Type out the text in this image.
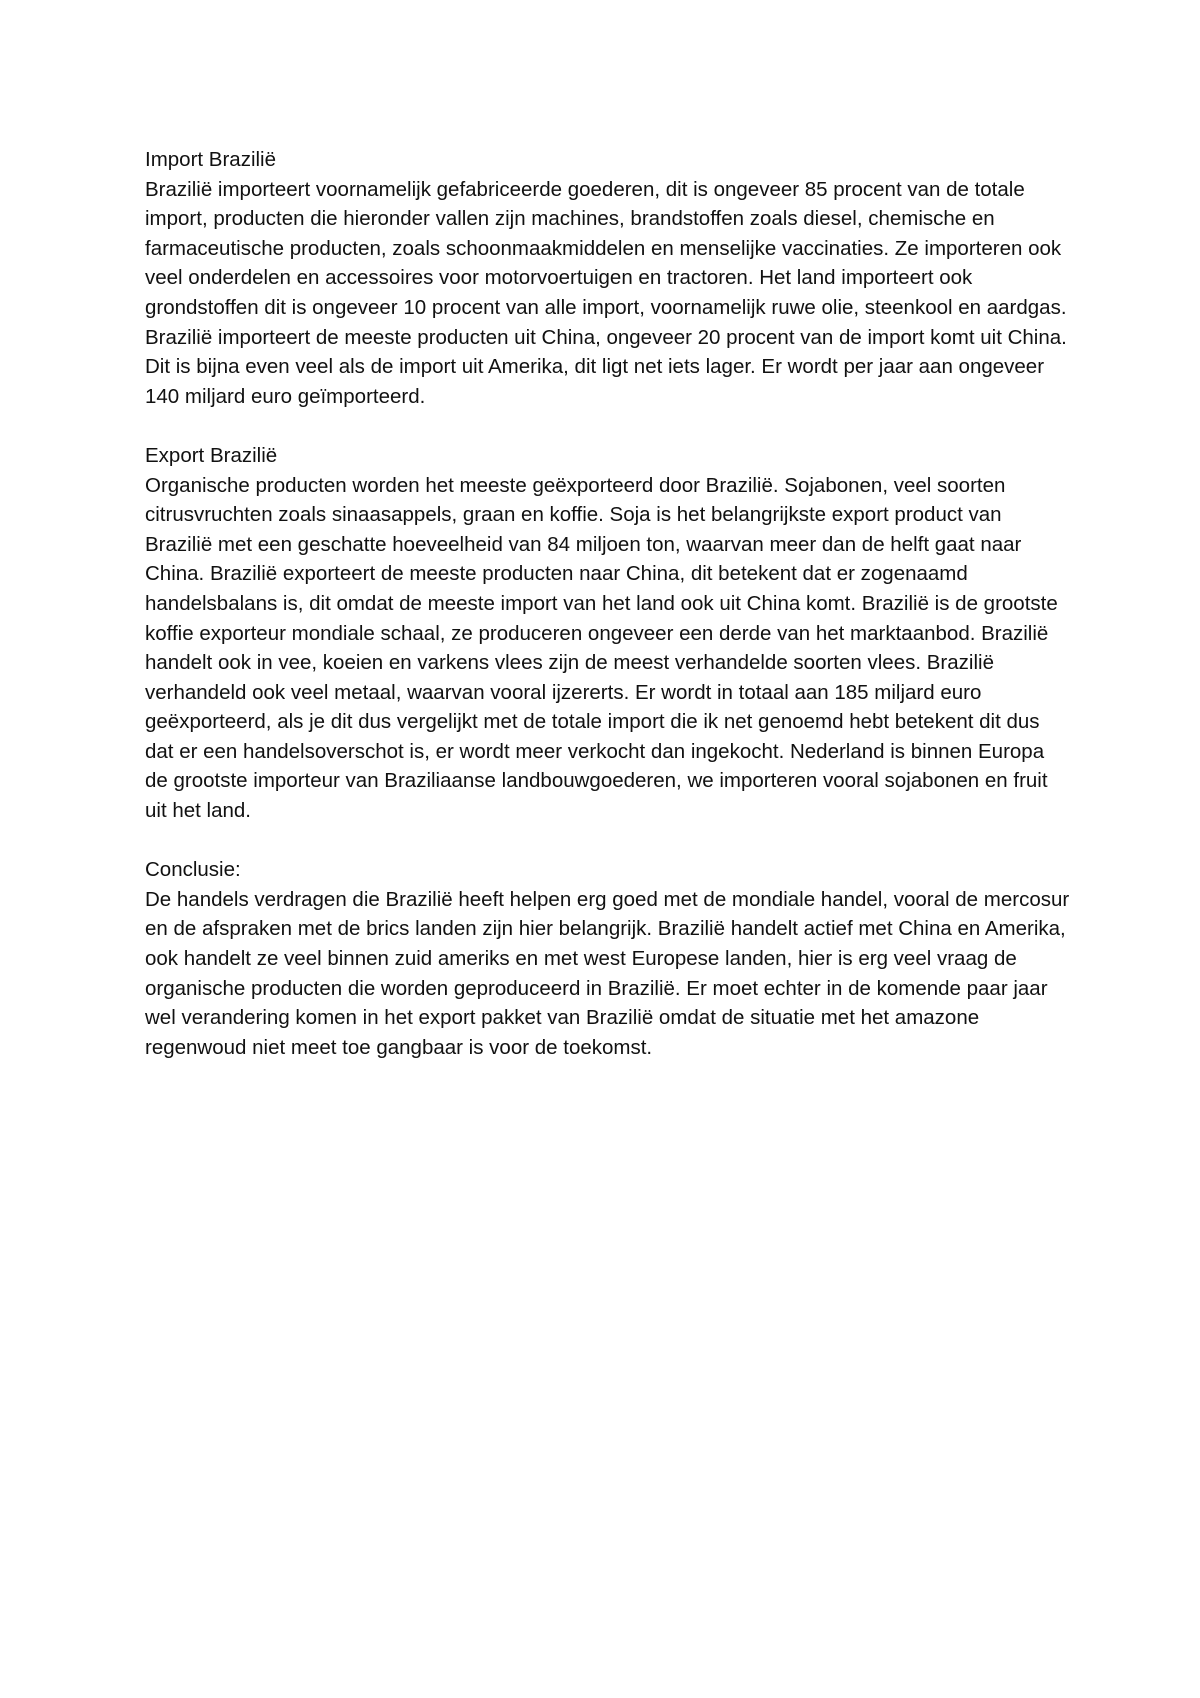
Import Brazilië
Brazilië importeert voornamelijk gefabriceerde goederen, dit is ongeveer 85 procent van de totale import, producten die hieronder vallen zijn machines, brandstoffen zoals diesel, chemische en farmaceutische producten, zoals schoonmaakmiddelen en menselijke vaccinaties. Ze importeren ook veel onderdelen en accessoires voor motorvoertuigen en tractoren. Het land importeert ook grondstoffen dit is ongeveer 10 procent van alle import, voornamelijk ruwe olie, steenkool en aardgas. Brazilië importeert de meeste producten uit China, ongeveer 20 procent van de import komt uit China. Dit is bijna even veel als de import uit Amerika, dit ligt net iets lager. Er wordt per jaar aan ongeveer 140 miljard euro geïmporteerd.
Export Brazilië
Organische producten worden het meeste geëxporteerd door Brazilië. Sojabonen, veel soorten citrusvruchten zoals sinaasappels, graan en koffie. Soja is het belangrijkste export product van Brazilië met een geschatte hoeveelheid van 84 miljoen ton, waarvan meer dan de helft gaat naar China. Brazilië exporteert de meeste producten naar China, dit betekent dat er zogenaamd handelsbalans is, dit omdat de meeste import van het land ook uit China komt. Brazilië is de grootste koffie exporteur mondiale schaal, ze produceren ongeveer een derde van het marktaanbod. Brazilië handelt ook in vee, koeien en varkens vlees zijn de meest verhandelde soorten vlees. Brazilië verhandeld ook veel metaal, waarvan vooral ijzererts. Er wordt in totaal aan 185 miljard euro geëxporteerd, als je dit dus vergelijkt met de totale import die ik net genoemd hebt betekent dit dus dat er een handelsoverschot is, er wordt meer verkocht dan ingekocht. Nederland is binnen Europa de grootste importeur van Braziliaanse landbouwgoederen, we importeren vooral sojabonen en fruit uit het land.
Conclusie:
De handels verdragen die Brazilië heeft helpen erg goed met de mondiale handel, vooral de mercosur en de afspraken met de brics landen zijn hier belangrijk. Brazilië handelt actief met China en Amerika, ook handelt ze veel binnen zuid ameriks en met west Europese landen, hier is erg veel vraag de organische producten die worden geproduceerd in Brazilië. Er moet echter in de komende paar jaar wel verandering komen in het export pakket van Brazilië omdat de situatie met het amazone regenwoud niet meet toe gangbaar is voor de toekomst.
